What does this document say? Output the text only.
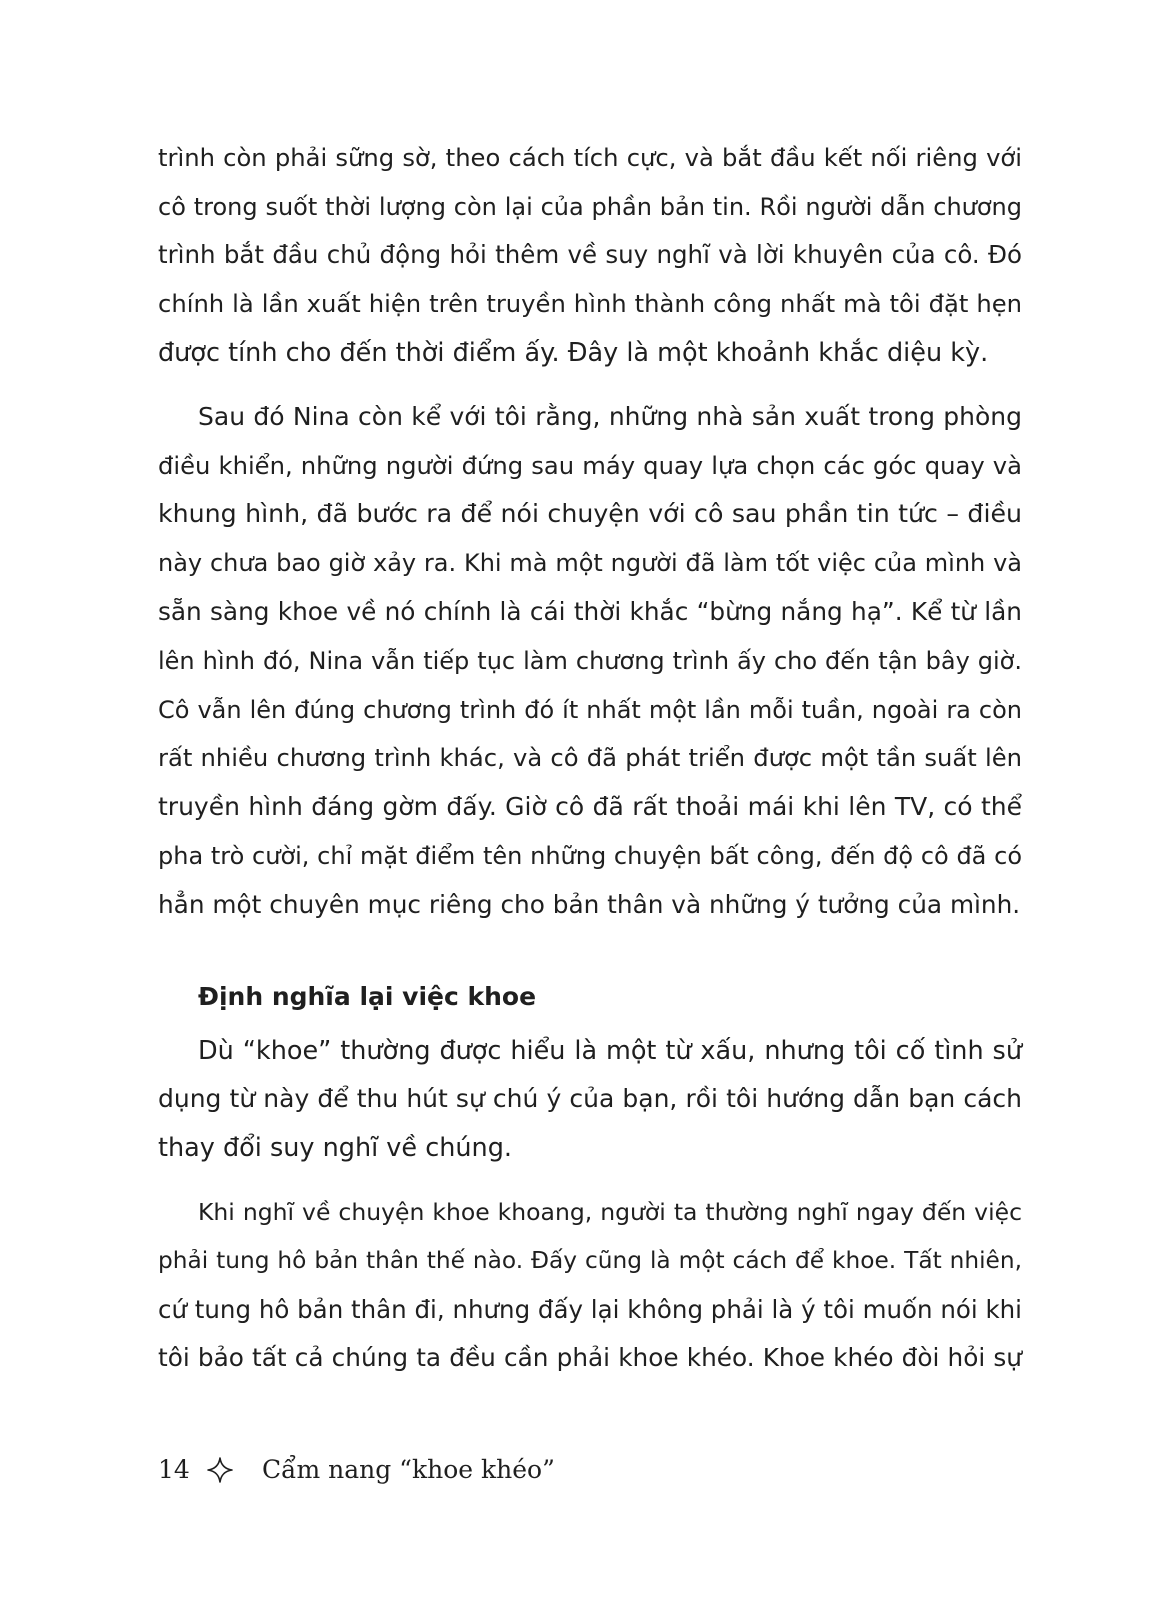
trình còn phải sững sờ, theo cách tích cực, và bắt đầu kết nối riêng với
cô trong suốt thời lượng còn lại của phần bản tin. Rồi người dẫn chương
trình bắt đầu chủ động hỏi thêm về suy nghĩ và lời khuyên của cô. Đó
chính là lần xuất hiện trên truyền hình thành công nhất mà tôi đặt hẹn
được tính cho đến thời điểm ấy. Đây là một khoảnh khắc diệu kỳ.
Sau đó Nina còn kể với tôi rằng, những nhà sản xuất trong phòng
điều khiển, những người đứng sau máy quay lựa chọn các góc quay và
khung hình, đã bước ra để nói chuyện với cô sau phần tin tức – điều
này chưa bao giờ xảy ra. Khi mà một người đã làm tốt việc của mình và
sẵn sàng khoe về nó chính là cái thời khắc “bừng nắng hạ”. Kể từ lần
lên hình đó, Nina vẫn tiếp tục làm chương trình ấy cho đến tận bây giờ.
Cô vẫn lên đúng chương trình đó ít nhất một lần mỗi tuần, ngoài ra còn
rất nhiều chương trình khác, và cô đã phát triển được một tần suất lên
truyền hình đáng gờm đấy. Giờ cô đã rất thoải mái khi lên TV, có thể
pha trò cười, chỉ mặt điểm tên những chuyện bất công, đến độ cô đã có
hẳn một chuyên mục riêng cho bản thân và những ý tưởng của mình.
Định nghĩa lại việc khoe
Dù “khoe” thường được hiểu là một từ xấu, nhưng tôi cố tình sử
dụng từ này để thu hút sự chú ý của bạn, rồi tôi hướng dẫn bạn cách
thay đổi suy nghĩ về chúng.
Khi nghĩ về chuyện khoe khoang, người ta thường nghĩ ngay đến việc
phải tung hô bản thân thế nào. Đấy cũng là một cách để khoe. Tất nhiên,
cứ tung hô bản thân đi, nhưng đấy lại không phải là ý tôi muốn nói khi
tôi bảo tất cả chúng ta đều cần phải khoe khéo. Khoe khéo đòi hỏi sự
14	Cẩm nang “khoe khéo”
